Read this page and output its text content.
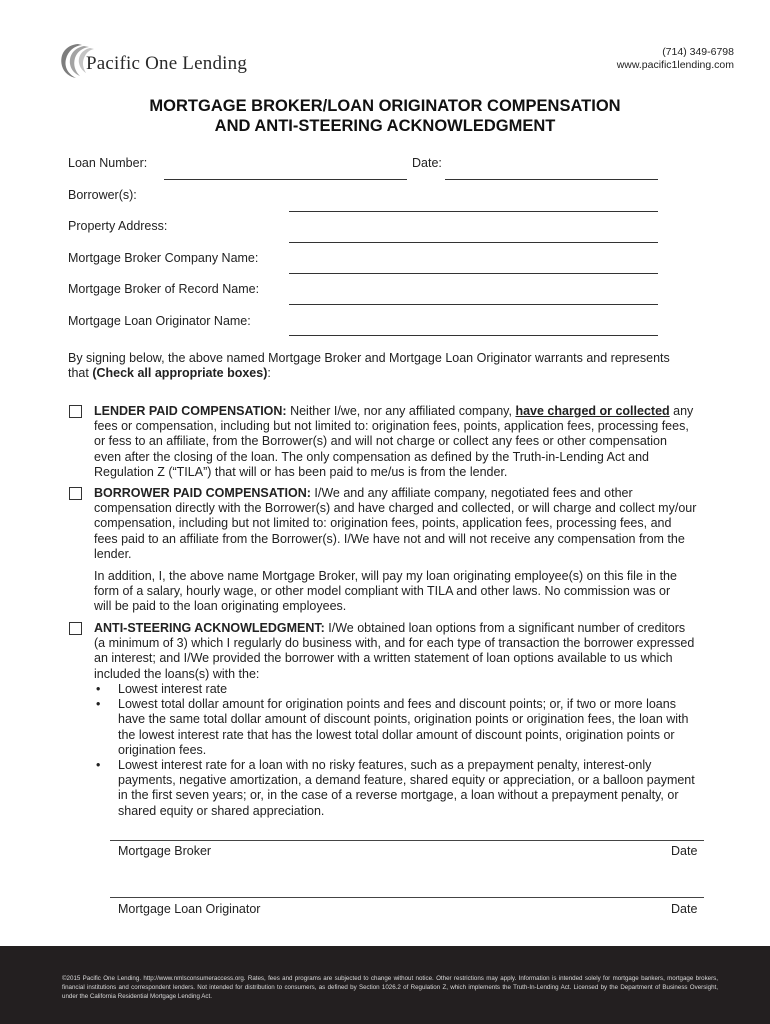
Pacific One Lending
(714) 349-6798
www.pacific1lending.com
MORTGAGE BROKER/LOAN ORIGINATOR COMPENSATION
AND ANTI-STEERING ACKNOWLEDGMENT
Loan Number:	Date:
Borrower(s):
Property Address:
Mortgage Broker Company Name:
Mortgage Broker of Record Name:
Mortgage Loan Originator Name:
By signing below, the above named Mortgage Broker and Mortgage Loan Originator warrants and represents that (Check all appropriate boxes):
LENDER PAID COMPENSATION: Neither I/we, nor any affiliated company, have charged or collected any fees or compensation, including but not limited to: origination fees, points, application fees, processing fees, or fess to an affiliate, from the Borrower(s) and will not charge or collect any fees or other compensation even after the closing of the loan. The only compensation as defined by the Truth-in-Lending Act and Regulation Z (“TILA”) that will or has been paid to me/us is from the lender.
BORROWER PAID COMPENSATION: I/We and any affiliate company, negotiated fees and other compensation directly with the Borrower(s) and have charged and collected, or will charge and collect my/our compensation, including but not limited to: origination fees, points, application fees, processing fees, and fees paid to an affiliate from the Borrower(s). I/We have not and will not receive any compensation from the lender.
In addition, I, the above name Mortgage Broker, will pay my loan originating employee(s) on this file in the form of a salary, hourly wage, or other model compliant with TILA and other laws. No commission was or will be paid to the loan originating employees.
ANTI-STEERING ACKNOWLEDGMENT: I/We obtained loan options from a significant number of creditors (a minimum of 3) which I regularly do business with, and for each type of transaction the borrower expressed an interest; and I/We provided the borrower with a written statement of loan options available to us which included the loans(s) with the:
• Lowest interest rate
• Lowest total dollar amount for origination points and fees and discount points; or, if two or more loans have the same total dollar amount of discount points, origination points or origination fees, the loan with the lowest interest rate that has the lowest total dollar amount of discount points, origination points or origination fees.
• Lowest interest rate for a loan with no risky features, such as a prepayment penalty, interest-only payments, negative amortization, a demand feature, shared equity or appreciation, or a balloon payment in the first seven years; or, in the case of a reverse mortgage, a loan without a prepayment penalty, or shared equity or shared appreciation.
Mortgage Broker	Date
Mortgage Loan Originator	Date
©2015 Pacific One Lending. http://www.nmlsconsumeraccess.org. Rates, fees and programs are subjected to change without notice. Other restrictions may apply. Information is intended solely for mortgage bankers, mortgage brokers, financial institutions and correspondent lenders. Not intended for distribution to consumers, as defined by Section 1026.2 of Regulation Z, which implements the Truth-In-Lending Act. Licensed by the Department of Business Oversight, under the California Residential Mortgage Lending Act.
